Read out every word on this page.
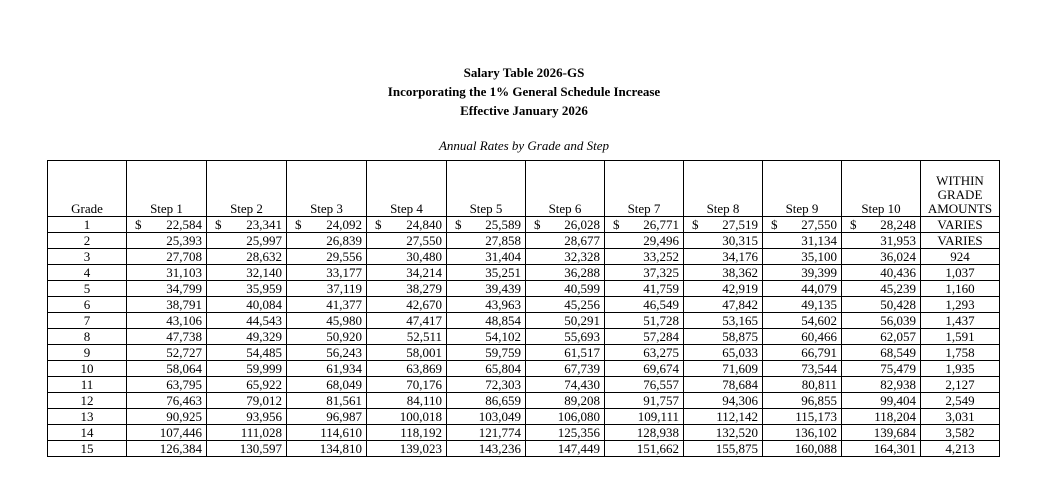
Salary Table 2026-GS
Incorporating the 1% General Schedule Increase
Effective January 2026
Annual Rates by Grade and Step
Grade	Step 1	Step 2	Step 3	Step 4	Step 5	Step 6	Step 7	Step 8	Step 9	Step 10	WITHIN
GRADE
AMOUNTS

1	$ 22,584	$ 23,341	$ 24,092	$ 24,840	$ 25,589	$ 26,028	$ 26,771	$ 27,519	$ 27,550	$ 28,248	VARIES
2	25,393	25,997	26,839	27,550	27,858	28,677	29,496	30,315	31,134	31,953	VARIES
3	27,708	28,632	29,556	30,480	31,404	32,328	33,252	34,176	35,100	36,024	924
4	31,103	32,140	33,177	34,214	35,251	36,288	37,325	38,362	39,399	40,436	1,037
5	34,799	35,959	37,119	38,279	39,439	40,599	41,759	42,919	44,079	45,239	1,160
6	38,791	40,084	41,377	42,670	43,963	45,256	46,549	47,842	49,135	50,428	1,293
7	43,106	44,543	45,980	47,417	48,854	50,291	51,728	53,165	54,602	56,039	1,437
8	47,738	49,329	50,920	52,511	54,102	55,693	57,284	58,875	60,466	62,057	1,591
9	52,727	54,485	56,243	58,001	59,759	61,517	63,275	65,033	66,791	68,549	1,758
10	58,064	59,999	61,934	63,869	65,804	67,739	69,674	71,609	73,544	75,479	1,935
11	63,795	65,922	68,049	70,176	72,303	74,430	76,557	78,684	80,811	82,938	2,127
12	76,463	79,012	81,561	84,110	86,659	89,208	91,757	94,306	96,855	99,404	2,549
13	90,925	93,956	96,987	100,018	103,049	106,080	109,111	112,142	115,173	118,204	3,031
14	107,446	111,028	114,610	118,192	121,774	125,356	128,938	132,520	136,102	139,684	3,582
15	126,384	130,597	134,810	139,023	143,236	147,449	151,662	155,875	160,088	164,301	4,213
